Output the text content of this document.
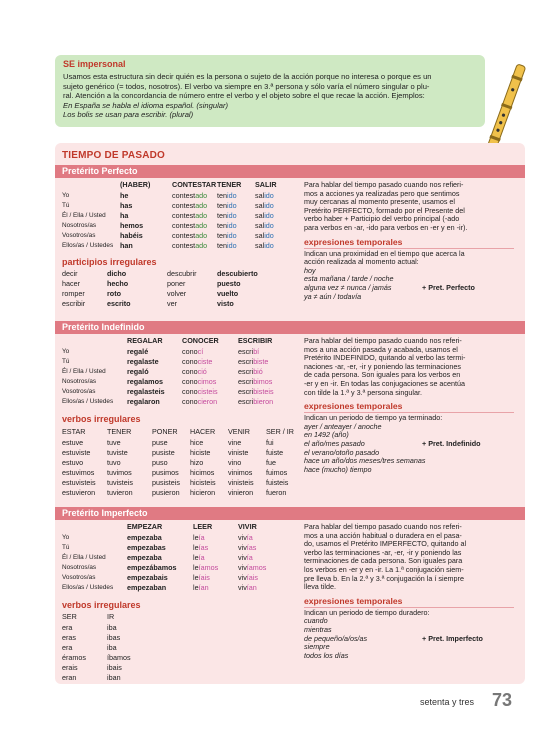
SE impersonal
Usamos esta estructura sin decir quién es la persona o sujeto de la acción porque no interesa o porque es un
sujeto genérico (= todos, nosotros). El verbo va siempre en 3.ª persona y sólo varía el número singular o plu-
ral. Atención a la concordancia de número entre el verbo y el objeto sobre el que recae la acción. Ejemplos:
En España se habla el idioma español. (singular)
Los bolis se usan para escribir. (plural)
TIEMPO DE PASADO
Pretérito Perfecto
(HABER)	CONTESTAR TENER SALIR
Yo	he	contestado tenido	salido
Tú	has	contestado tenido	salido
Él / Ella / Usted ha	contestado tenido	salido
Nosotros/as	hemos	contestado tenido	salido
Vosotros/as	habéis	contestado tenido	salido
Ellos/as / Ustedes han	contestado tenido	salido
participios irregulares
decir	dicho	descubrir	descubierto
hacer	hecho	poner	puesto
romper	roto	volver	vuelto
escribir	escrito	ver	visto
Para hablar del tiempo pasado cuando nos refieri-
mos a acciones ya realizadas pero que sentimos
muy cercanas al momento presente, usamos el
Pretérito PERFECTO, formado por el Presente del
verbo haber + Participio del verbo principal (-ado
para verbos en -ar, -ido para verbos en -er y en -ir).
expresiones temporales
Indican una proximidad en el tiempo que acerca la
acción realizada al momento actual:
hoy
esta mañana / tarde / noche
alguna vez ≠ nunca / jamás	+ Pret. Perfecto
ya ≠ aún / todavía
Pretérito Indefinido
REGALAR	CONOCER	ESCRIBIR
Yo	regalé	conocí	escribí
Tú	regalaste	conociste	escribiste
Él / Ella / Usted	regaló	conoció	escribió
Nosotros/as	regalamos	conocimos	escribimos
Vosotros/as	regalasteis conocisteis	escribisteis
Ellos/as / Ustedes regalaron	conocieron	escribieron
verbos irregulares
ESTAR	TENER	PONER HACER VENIR SER / IR
estuve	tuve	puse	hice	vine	fui
estuviste tuviste	pusiste hiciste viniste fuiste
estuvo	tuvo	puso	hizo	vino	fue
estuvimos tuvimos	pusimos hicimos vinimos fuimos
estuvisteis tuvisteis	pusisteis hicisteis vinisteis fuisteis
estuvieron tuvieron	pusieron hicieron vinieron fueron
Para hablar del tiempo pasado cuando nos referi-
mos a una acción pasada y acabada, usamos el
Pretérito INDEFINIDO, quitando al verbo las termi-
naciones -ar, -er, -ir y poniendo las terminaciones
de cada persona. Son iguales para los verbos en
-er y en -ir. En todas las conjugaciones se acentúa
con tilde la 1.ª y 3.ª persona singular.
expresiones temporales
Indican un periodo de tiempo ya terminado:
ayer / anteayer / anoche
en 1492 (año)
el año/mes pasado	+ Pret. Indefinido
el verano/otoño pasado
hace un año/dos meses/tres semanas
hace (mucho) tiempo
Pretérito Imperfecto
EMPEZAR	LEER	VIVIR
Yo	empezaba	leía	vivía
Tú	empezabas	leías	vivías
Él / Ella / Usted	empezaba	leía	vivía
Nosotros/as	empezábamos leíamos	vivíamos
Vosotros/as	empezabais	leíais	vivíais
Ellos/as / Ustedes empezaban	leían	vivían
verbos irregulares
SER	IR
era	iba
eras	ibas
era	iba
éramos	íbamos
erais	ibais
eran	iban
Para hablar del tiempo pasado cuando nos referi-
mos a una acción habitual o duradera en el pasa-
do, usamos el Pretérito IMPERFECTO, quitando al
verbo las terminaciones -ar, -er, -ir y poniendo las
terminaciones de cada persona. Son iguales para
los verbos en -er y en -ir. La 1.ª conjugación siem-
pre lleva b. En la 2.ª y 3.ª conjugación la í siempre
lleva tilde.
expresiones temporales
Indican un periodo de tiempo duradero:
cuando
mientras
de pequeño/a/os/as	+ Pret. Imperfecto
siempre
todos los días
setenta y tres 73
